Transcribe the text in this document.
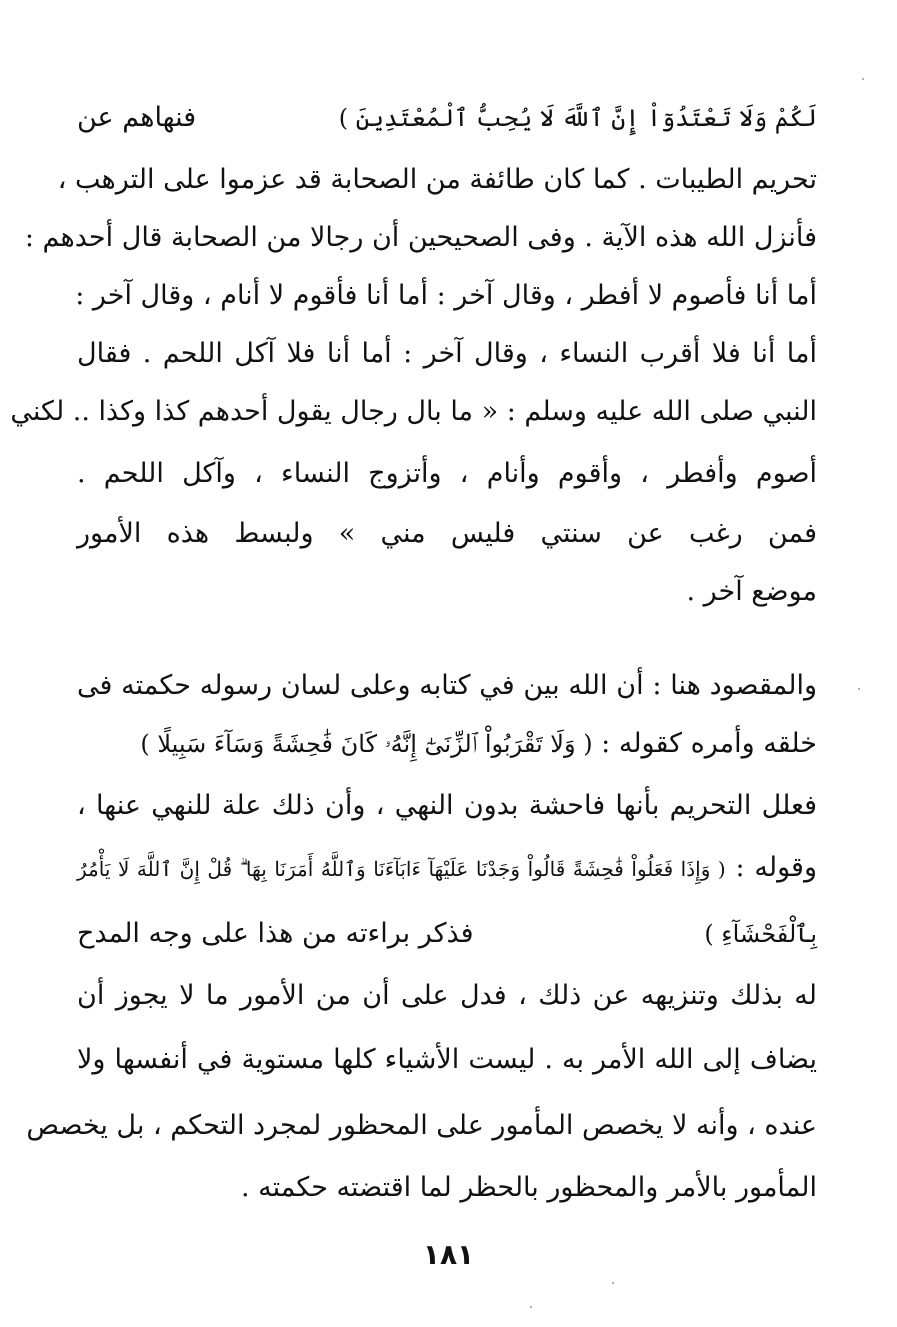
لَكُمْ وَلَا تَعْتَدُوٓاْ إِنَّ ٱللَّهَ لَا يُحِبُّ ٱلْمُعْتَدِينَ )
فنهاهم عن
تحريم الطيبات . كما كان طائفة من الصحابة قد عزموا على الترهب ،
فأنزل الله هذه الآية . وفى الصحيحين أن رجالا من الصحابة قال أحدهم :
أما أنا فأصوم لا أفطر ، وقال آخر : أما أنا فأقوم لا أنام ، وقال آخر :
أما أنا فلا أقرب النساء ، وقال آخر : أما أنا فلا آكل اللحم . فقال
النبي صلى الله عليه وسلم : « ما بال رجال يقول أحدهم كذا وكذا .. لكني
أصوم وأفطر ، وأقوم وأنام ، وأتزوج النساء ، وآكل اللحم .
فمن رغب عن سنتي فليس مني » ولبسط هذه الأمور
موضع آخر .
والمقصود هنا : أن الله بين في كتابه وعلى لسان رسوله حكمته فى
خلقه وأمره كقوله : ( وَلَا تَقْرَبُواْ ٱلزِّنَىٰٓ إِنَّهُۥ كَانَ فَٰحِشَةً وَسَآءَ سَبِيلًا )
فعلل التحريم بأنها فاحشة بدون النهي ، وأن ذلك علة للنهي عنها ،
وقوله : ( وَإِذَا فَعَلُواْ فَٰحِشَةً قَالُواْ وَجَدْنَا عَلَيْهَآ ءَابَآءَنَا وَٱللَّهُ أَمَرَنَا بِهَا ۗ قُلْ إِنَّ ٱللَّهَ لَا يَأْمُرُ
بِٱلْفَحْشَآءِ )
فذكر براءته من هذا على وجه المدح
له بذلك وتنزيهه عن ذلك ، فدل على أن من الأمور ما لا يجوز أن
يضاف إلى الله الأمر به . ليست الأشياء كلها مستوية في أنفسها ولا
عنده ، وأنه لا يخصص المأمور على المحظور لمجرد التحكم ، بل يخصص
المأمور بالأمر والمحظور بالحظر لما اقتضته حكمته .
١٨١
